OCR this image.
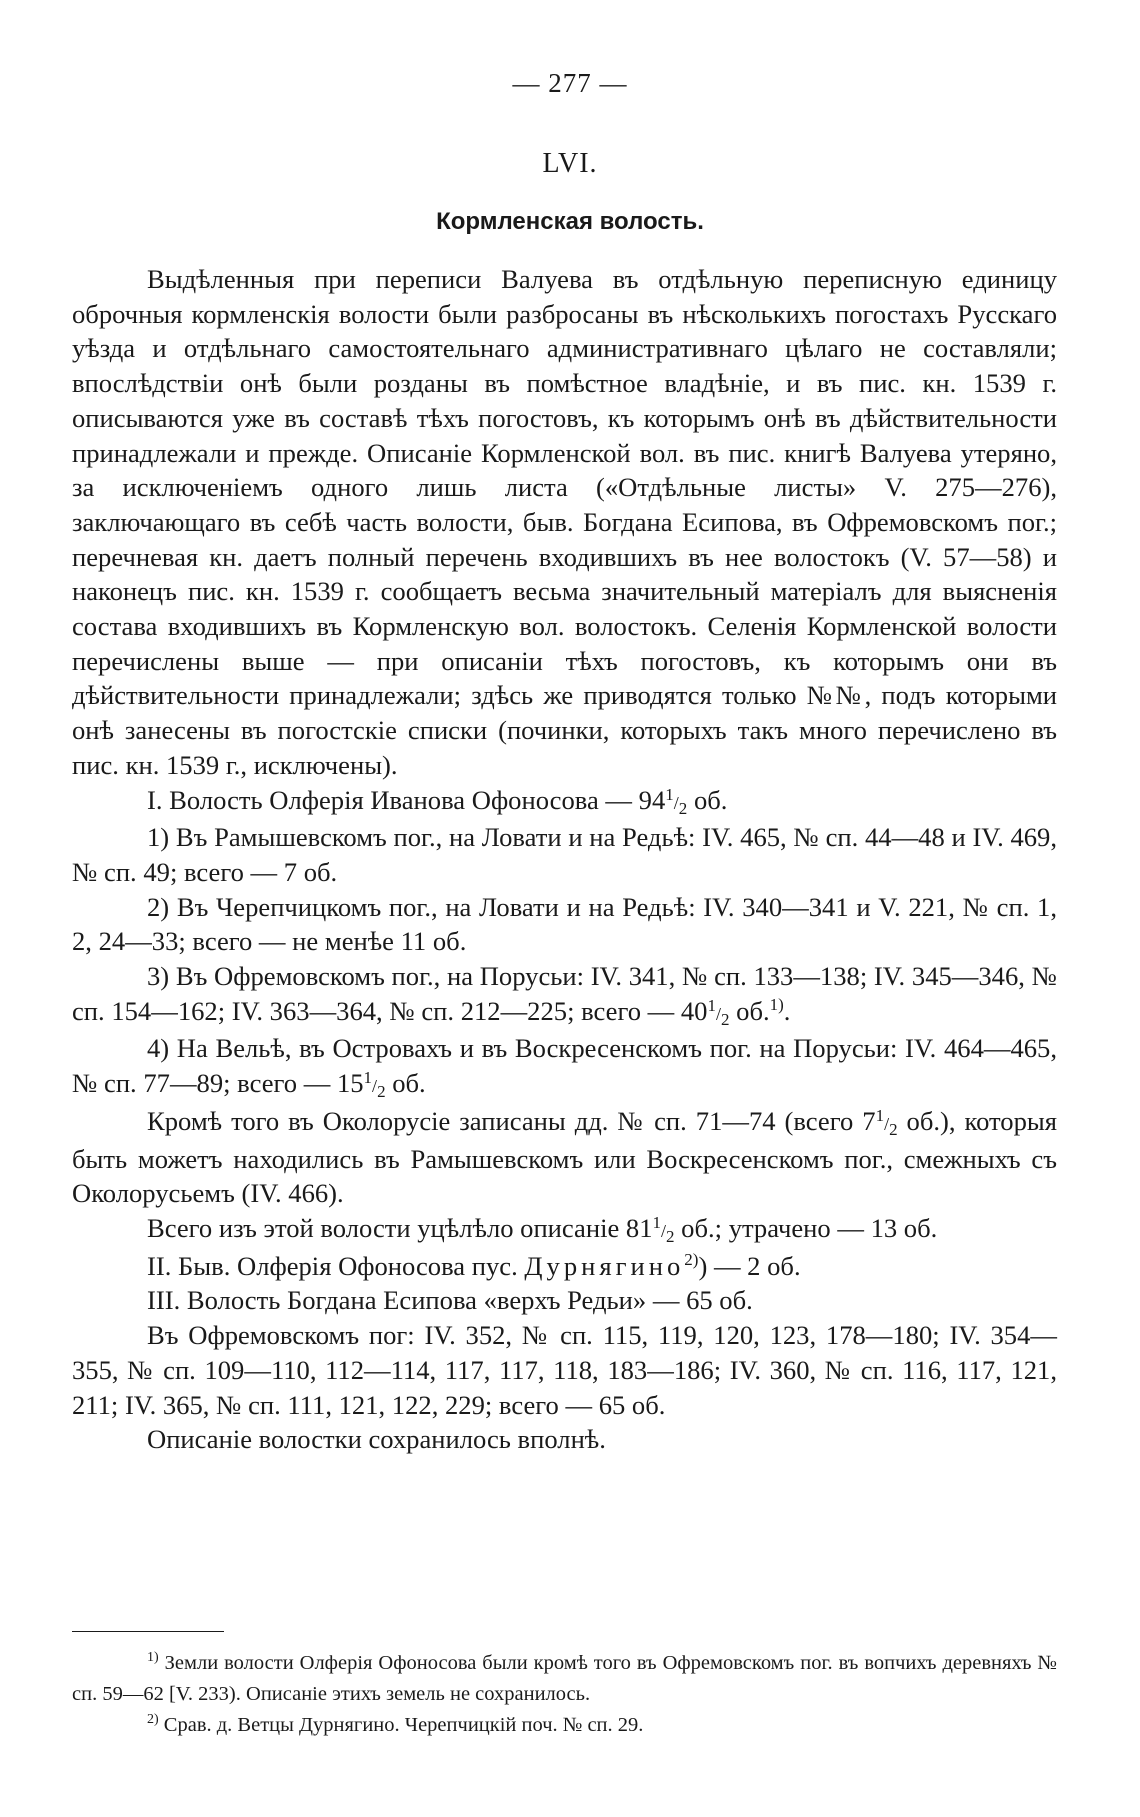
— 277 —
LVI.
Кормленская волость.

Выдѣленныя при переписи Валуева въ отдѣльную переписную единицу оброчныя кормленскія волости были разбросаны въ нѣсколькихъ погостахъ Русскаго уѣзда и отдѣльнаго самостоятельнаго административнаго цѣлаго не составляли; впослѣдствіи онѣ были розданы въ помѣстное владѣніе, и въ пис. кн. 1539 г. описываются уже въ составѣ тѣхъ погостовъ, къ которымъ онѣ въ дѣйствительности принадлежали и прежде. Описаніе Кормленской вол. въ пис. книгѣ Валуева утеряно, за исключеніемъ одного лишь листа («Отдѣльные листы» V. 275—276), заключающаго въ себѣ часть волости, быв. Богдана Есипова, въ Офремовскомъ пог.; перечневая кн. даетъ полный перечень входившихъ въ нее волостокъ (V. 57—58) и наконецъ пис. кн. 1539 г. сообщаетъ весьма значительный матеріалъ для выясненія состава входившихъ въ Кормленскую вол. волостокъ. Селенія Кормленской волости перечислены выше — при описаніи тѣхъ погостовъ, къ которымъ они въ дѣйствительности принадлежали; здѣсь же приводятся только №№, подъ которыми онѣ занесены въ погостскіе списки (починки, которыхъ такъ много перечислено въ пис. кн. 1539 г., исключены).

I. Волость Олферія Иванова Офоносова — $94^1/_2$ об.

1) Въ Рамышевскомъ пог., на Ловати и на Редьѣ: IV. 465, № сп. 44—48 и IV. 469, № сп. 49; всего — 7 об.

2) Въ Черепчицкомъ пог., на Ловати и на Редьѣ: IV. 340—341 и V. 221, № сп. 1, 2, 24—33; всего — не менѣе 11 об.

3) Въ Офремовскомъ пог., на Порусьи: IV. 341, № сп. 133—138; IV. 345—346, № сп. 154—162; IV. 363—364, № сп. 212—225; всего — $40^1/_2$ об.$^{1)}$.

4) На Вельѣ, въ Островахъ и въ Воскресенскомъ пог. на Порусьи: IV. 464—465, № сп. 77—89; всего — $15^1/_2$ об.

Кромѣ того въ Околорусіе записаны дд. № сп. 71—74 (всего $7^1/_2$ об.), которыя быть можетъ находились въ Рамышевскомъ или Воскресенскомъ пог., смежныхъ съ Околорусьемъ (IV. 466).

Всего изъ этой волости уцѣлѣло описаніе $81^1/_2$ об.; утрачено — 13 об.

II. Быв. Олферія Офоносова пус. Дурнягино$^{2)}$) — 2 об.

III. Волость Богдана Есипова «верхъ Редьи» — 65 об.

Въ Офремовскомъ пог: IV. 352, № сп. 115, 119, 120, 123, 178—180; IV. 354—355, № сп. 109—110, 112—114, 117, 117, 118, 183—186; IV. 360, № сп. 116, 117, 121, 211; IV. 365, № сп. 111, 121, 122, 229; всего — 65 об.

Описаніе волостки сохранилось вполнѣ.

$^{1)}$ Земли волости Олферія Офоносова были кромѣ того въ Офремовскомъ пог. въ вопчихъ деревняхъ № сп. 59—62 [V. 233). Описаніе этихъ земель не сохранилось.

$^{2)}$ Срав. д. Ветцы Дурнягино. Черепчицкій поч. № сп. 29.
